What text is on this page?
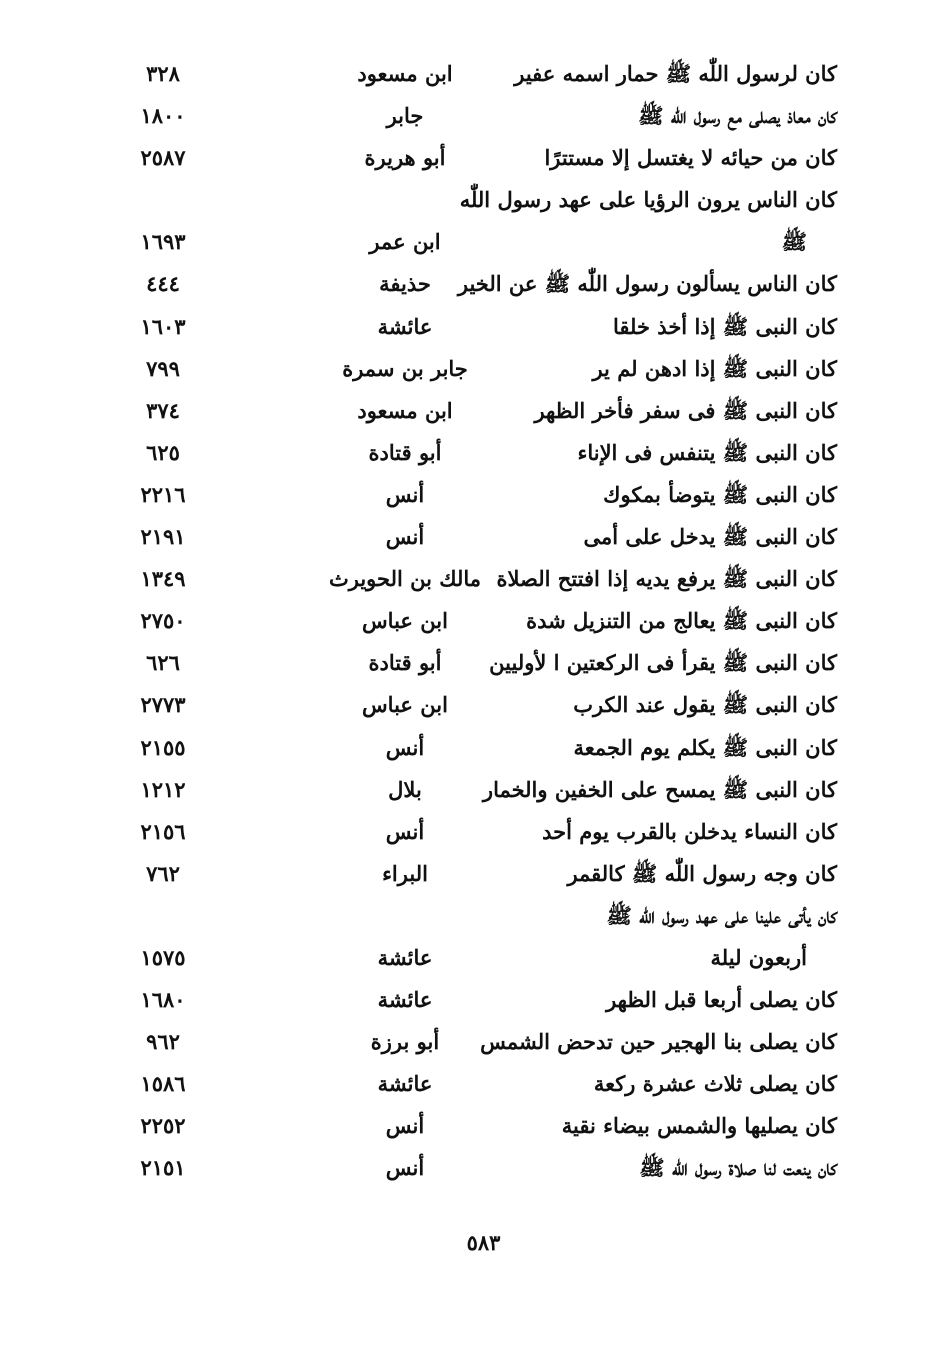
كان لرسول اللّٰه ﷺ حمار اسمه عفير
ابن مسعود
٣٢٨
كان معاذ يصلى مع رسول اللّٰه ﷺ
جابر
١٨٠٠
كان من حيائه لا يغتسل إلا مستترًا
أبو هريرة
٢٥٨٧
كان الناس يرون الرؤيا على عهد رسول اللّٰه
ﷺ
ابن عمر
١٦٩٣
كان الناس يسألون رسول اللّٰه ﷺ عن الخير
حذيفة
٤٤٤
كان النبى ﷺ إذا أخذ خلقا
عائشة
١٦٠٣
كان النبى ﷺ إذا ادهن لم ير
جابر بن سمرة
٧٩٩
كان النبى ﷺ فى سفر فأخر الظهر
ابن مسعود
٣٧٤
كان النبى ﷺ يتنفس فى الإناء
أبو قتادة
٦٢٥
كان النبى ﷺ يتوضأ بمكوك
أنس
٢٢١٦
كان النبى ﷺ يدخل على أمى
أنس
٢١٩١
كان النبى ﷺ يرفع يديه إذا افتتح الصلاة
مالك بن الحويرث
١٣٤٩
كان النبى ﷺ يعالج من التنزيل شدة
ابن عباس
٢٧٥٠
كان النبى ﷺ يقرأ فى الركعتين ا لأوليين
أبو قتادة
٦٢٦
كان النبى ﷺ يقول عند الكرب
ابن عباس
٢٧٧٣
كان النبى ﷺ يكلم يوم الجمعة
أنس
٢١٥٥
كان النبى ﷺ يمسح على الخفين والخمار
بلال
١٢١٢
كان النساء يدخلن بالقرب يوم أحد
أنس
٢١٥٦
كان وجه رسول اللّٰه ﷺ كالقمر
البراء
٧٦٢
كان يأتى علينا على عهد رسول اللّٰه ﷺ
أربعون ليلة
عائشة
١٥٧٥
كان يصلى أربعا قبل الظهر
عائشة
١٦٨٠
كان يصلى بنا الهجير حين تدحض الشمس
أبو برزة
٩٦٢
كان يصلى ثلاث عشرة ركعة
عائشة
١٥٨٦
كان يصليها والشمس بيضاء نقية
أنس
٢٢٥٢
كان ينعت لنا صلاة رسول اللّٰه ﷺ
أنس
٢١٥١
٥٨٣
